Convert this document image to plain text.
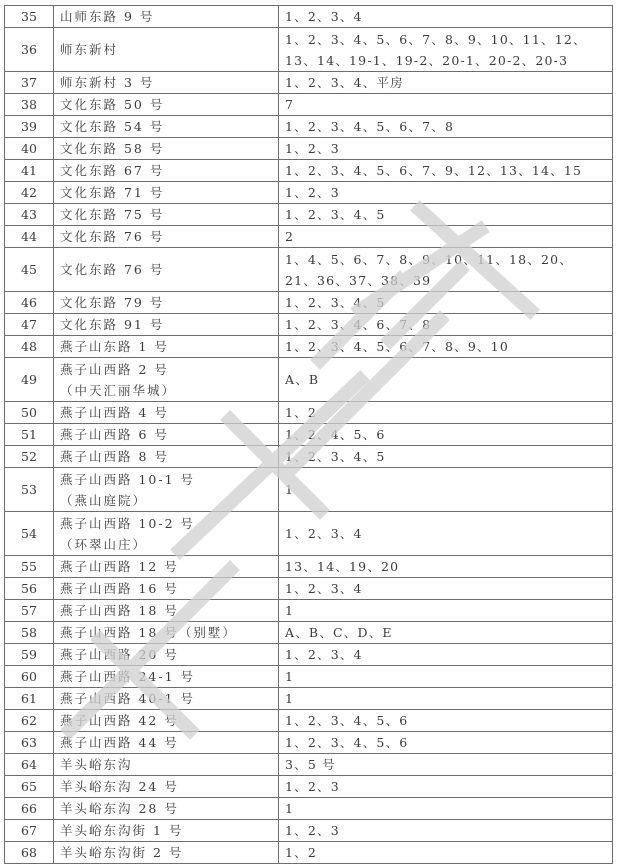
35	山师东路 9 号	1、2、3、4

36	师东新村	1、2、3、4、5、6、7、8、9、10、11、12、
13、14、19-1、19-2、20-1、20-2、20-3

37	师东新村 3 号	1、2、3、4、平房

38	文化东路 50 号	7

39	文化东路 54 号	1、2、3、4、5、6、7、8

40	文化东路 58 号	1、2、3

41	文化东路 67 号	1、2、3、4、5、6、7、9、12、13、14、15

42	文化东路 71 号	1、2、3

43	文化东路 75 号	1、2、3、4、5

44	文化东路 76 号	2

45	文化东路 76 号	1、4、5、6、7、8、9、10、11、18、20、
21、36、37、38、39

46	文化东路 79 号	1、2、3、4、5

47	文化东路 91 号	1、2、3、4、6、7、8

48	燕子山东路 1 号	1、2、3、4、5、6、7、8、9、10

49	燕子山西路 2 号
（中天汇丽华城）	A、B

50	燕子山西路 4 号	1、2

51	燕子山西路 6 号	1、2、4、5、6

52	燕子山西路 8 号	1、2、3、4、5

53	燕子山西路 10-1 号
（燕山庭院）	1

54	燕子山西路 10-2 号
（环翠山庄）	1、2、3、4

55	燕子山西路 12 号	13、14、19、20

56	燕子山西路 16 号	1、2、3、4

57	燕子山西路 18 号	1

58	燕子山西路 18 号（别墅）	A、B、C、D、E

59	燕子山西路 20 号	1、2、3、4

60	燕子山西路 24-1 号	1

61	燕子山西路 40-1 号	1

62	燕子山西路 42 号	1、2、3、4、5、6

63	燕子山西路 44 号	1、2、3、4、5、6

64	羊头峪东沟	3、5 号

65	羊头峪东沟 24 号	1、2、3

66	羊头峪东沟 28 号	1

67	羊头峪东沟街 1 号	1、2、3

68	羊头峪东沟街 2 号	1、2
